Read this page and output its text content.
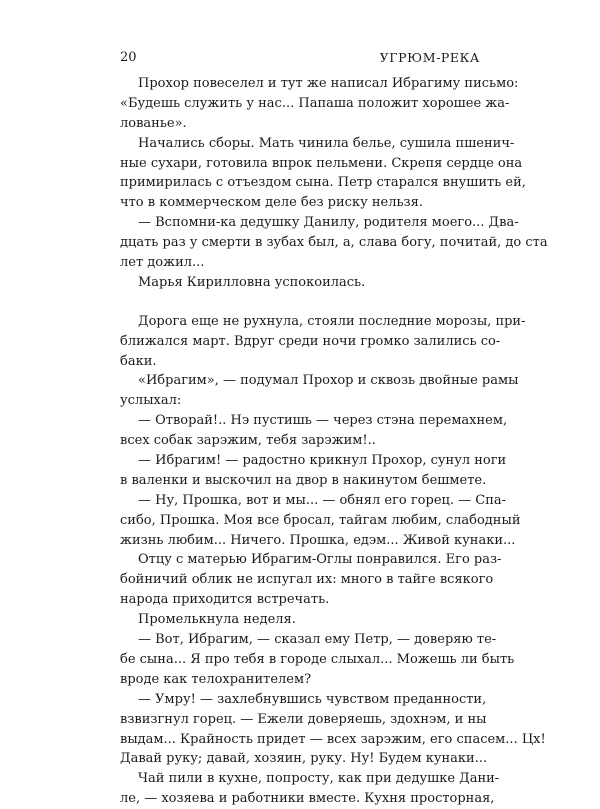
20	УГРЮМ-РЕКА
Прохор повеселел и тут же написал Ибрагиму письмо:
«Будешь служить у нас... Папаша положит хорошее жа-
лованье».
Начались сборы. Мать чинила белье, сушила пшенич-
ные сухари, готовила впрок пельмени. Скрепя сердце она
примирилась с отъездом сына. Петр старался внушить ей,
что в коммерческом деле без риску нельзя.
— Вспомни-ка дедушку Данилу, родителя моего... Два-
дцать раз у смерти в зубах был, а, слава богу, почитай, до ста
лет дожил...
Марья Кирилловна успокоилась.
Дорога еще не рухнула, стояли последние морозы, при-
ближался март. Вдруг среди ночи громко залились со-
баки.
«Ибрагим», — подумал Прохор и сквозь двойные рамы
услыхал:
— Отворай!.. Нэ пустишь — через стэна перемахнем,
всех собак зарэжим, тебя зарэжим!..
— Ибрагим! — радостно крикнул Прохор, сунул ноги
в валенки и выскочил на двор в накинутом бешмете.
— Ну, Прошка, вот и мы... — обнял его горец. — Спа-
сибо, Прошка. Моя все бросал, тайгам любим, слабодный
жизнь любим... Ничего. Прошка, едэм... Живой кунаки...
Отцу с матерью Ибрагим-Оглы понравился. Его раз-
бойничий облик не испугал их: много в тайге всякого
народа приходится встречать.
Промелькнула неделя.
— Вот, Ибрагим, — сказал ему Петр, — доверяю те-
бе сына... Я про тебя в городе слыхал... Можешь ли быть
вроде как телохранителем?
— Умру! — захлебнувшись чувством преданности,
взвизгнул горец. — Ежели доверяешь, здохнэм, и ны
выдам... Крайность придет — всех зарэжим, его спасем... Цх!
Давай руку; давай, хозяин, руку. Ну! Будем кунаки...
Чай пили в кухне, попросту, как при дедушке Дани-
ле, — хозяева и работники вместе. Кухня просторная,
